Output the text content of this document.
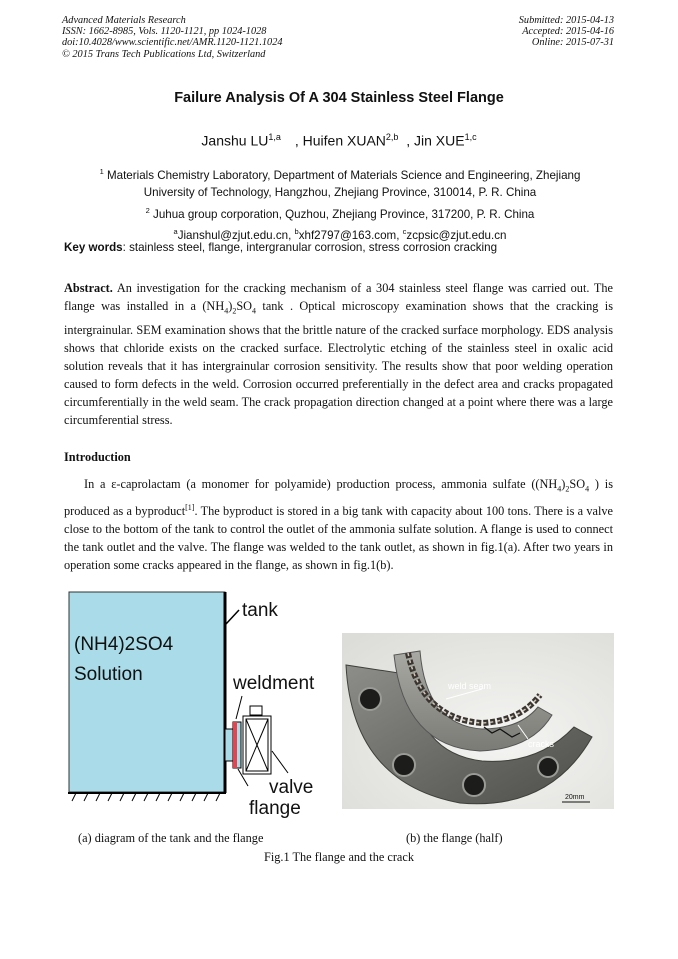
Advanced Materials Research
ISSN: 1662-8985, Vols. 1120-1121, pp 1024-1028
doi:10.4028/www.scientific.net/AMR.1120-1121.1024
© 2015 Trans Tech Publications Ltd, Switzerland
Submitted: 2015-04-13
Accepted: 2015-04-16
Online: 2015-07-31
Failure Analysis Of A 304 Stainless Steel Flange
Janshu LU$^{1,a}$ , Huifen XUAN$^{2,b}$ , Jin XUE$^{1,c}$
$^1$ Materials Chemistry Laboratory, Department of Materials Science and Engineering, Zhejiang
University of Technology, Hangzhou, Zhejiang Province, 310014, P. R. China
$^2$ Juhua group corporation, Quzhou, Zhejiang Province, 317200, P. R. China
$^a$Jianshul@zjut.edu.cn, $^b$xhf2797@163.com, $^c$zcpsic@zjut.edu.cn
Key words: stainless steel, flange, intergranular corrosion, stress corrosion cracking
Abstract. An investigation for the cracking mechanism of a 304 stainless steel flange was carried out. The flange was installed in a $(NH_4)_2SO_4$ tank . Optical microscopy examination shows that the cracking is intergrainular. SEM examination shows that the brittle nature of the cracked surface morphology. EDS analysis shows that chloride exists on the cracked surface. Electrolytic etching of the stainless steel in oxalic acid solution reveals that it has intergrainular corrosion sensitivity. The results show that poor welding operation caused to form defects in the weld. Corrosion occurred preferentially in the defect area and cracks propagated circumferentially in the weld seam. The crack propagation direction changed at a point where there was a large circumferential stress.
Introduction
In a ε-caprolactam (a monomer for polyamide) production process, ammonia sulfate ($(NH_4)_2SO_4$ ) is produced as a byproduct[1]. The byproduct is stored in a big tank with capacity about 100 tons. There is a valve close to the bottom of the tank to control the outlet of the ammonia sulfate solution. A flange is used to connect the tank outlet and the valve. The flange was welded to the tank outlet, as shown in fig.1(a). After two years in operation some cracks appeared in the flange, as shown in fig.1(b).
(NH4)2SO4
Solution
tank
weldment
valve
flange
weld seam
cracks
20mm
(a) diagram of the tank and the flange	(b) the flange (half)
Fig.1 The flange and the crack
